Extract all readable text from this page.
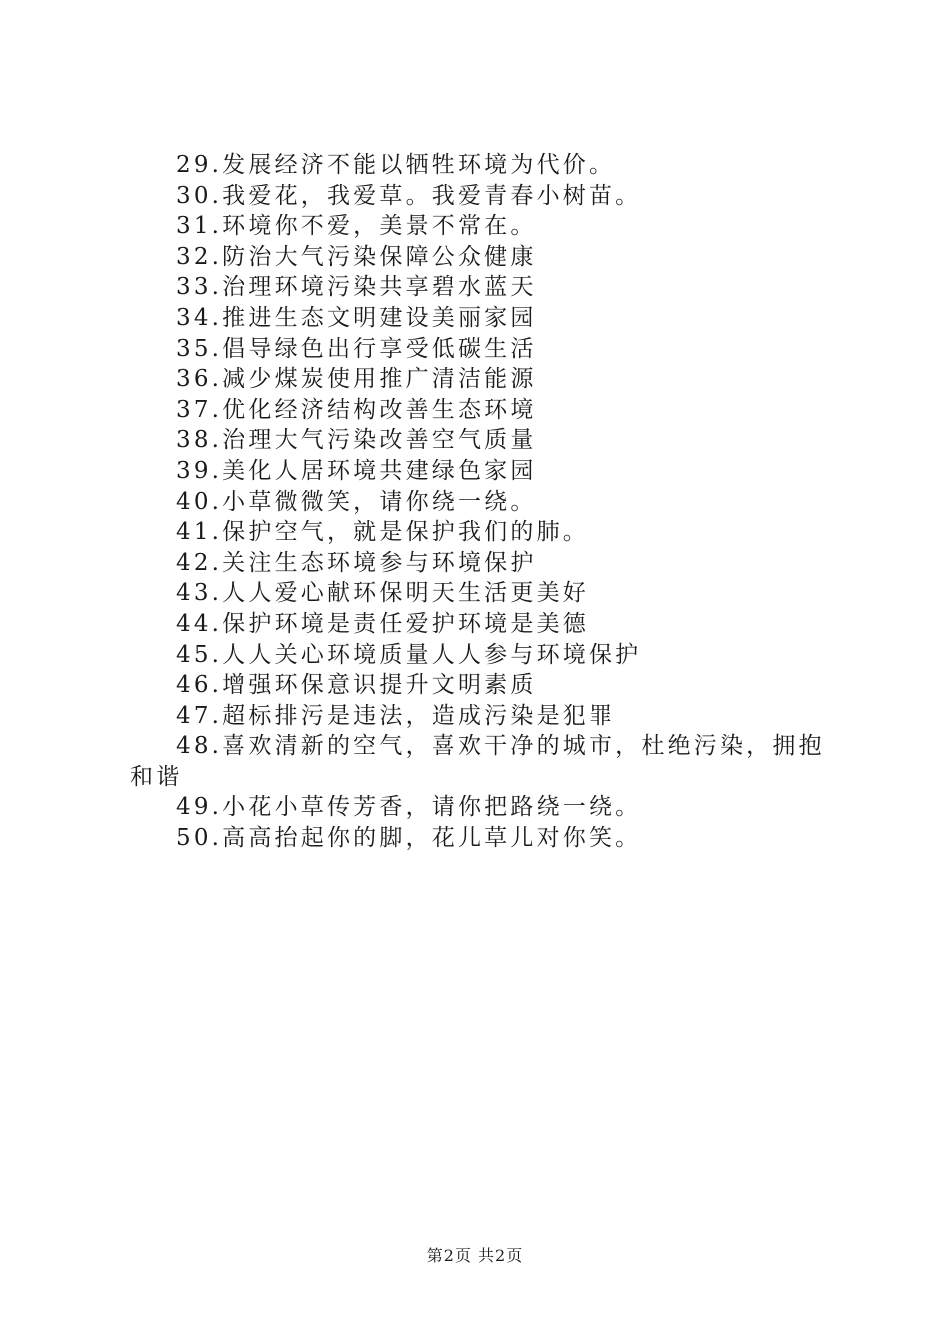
29.发展经济不能以牺牲环境为代价。
30.我爱花，我爱草。我爱青春小树苗。
31.环境你不爱，美景不常在。
32.防治大气污染保障公众健康
33.治理环境污染共享碧水蓝天
34.推进生态文明建设美丽家园
35.倡导绿色出行享受低碳生活
36.减少煤炭使用推广清洁能源
37.优化经济结构改善生态环境
38.治理大气污染改善空气质量
39.美化人居环境共建绿色家园
40.小草微微笑，请你绕一绕。
41.保护空气，就是保护我们的肺。
42.关注生态环境参与环境保护
43.人人爱心献环保明天生活更美好
44.保护环境是责任爱护环境是美德
45.人人关心环境质量人人参与环境保护
46.增强环保意识提升文明素质
47.超标排污是违法，造成污染是犯罪
48.喜欢清新的空气，喜欢干净的城市，杜绝污染，拥抱和谐
49.小花小草传芳香，请你把路绕一绕。
50.高高抬起你的脚，花儿草儿对你笑。
第2页 共2页
